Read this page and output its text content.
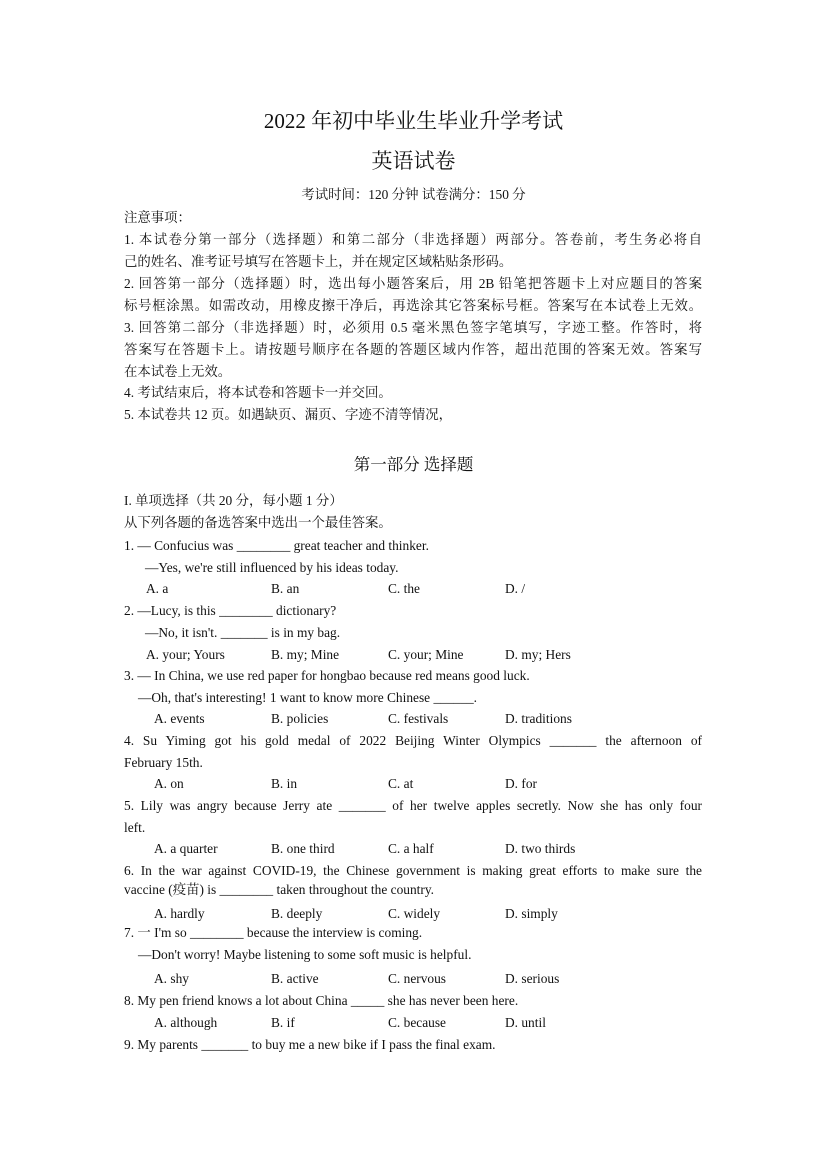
2022 年初中毕业生毕业升学考试
英语试卷
考试时间：120 分钟 试卷满分：150 分
注意事项：
1. 本试卷分第一部分（选择题）和第二部分（非选择题）两部分。答卷前，考生务必将自
己的姓名、准考证号填写在答题卡上，并在规定区域粘贴条形码。
2. 回答第一部分（选择题）时，选出每小题答案后，用 2B 铅笔把答题卡上对应题目的答案
标号框涂黑。如需改动，用橡皮擦干净后，再选涂其它答案标号框。答案写在本试卷上无效。
3. 回答第二部分（非选择题）时，必须用 0.5 毫米黑色签字笔填写，字迹工整。作答时，将
答案写在答题卡上。请按题号顺序在各题的答题区域内作答，超出范围的答案无效。答案写
在本试卷上无效。
4. 考试结束后，将本试卷和答题卡一并交回。
5. 本试卷共 12 页。如遇缺页、漏页、字迹不清等情况，
第一部分 选择题
I. 单项选择（共 20 分，每小题 1 分）
从下列各题的备选答案中选出一个最佳答案。
1. — Confucius was ________ great teacher and thinker.
—Yes, we're still influenced by his ideas today.
A. a	B. an	C. the	D. /
2. —Lucy, is this ________ dictionary?
—No, it isn't. _______ is in my bag.
A. your; Yours	B. my; Mine	C. your; Mine	D. my; Hers
3. — In China, we use red paper for hongbao because red means good luck.
—Oh, that's interesting! 1 want to know more Chinese ______.
A. events	B. policies	C. festivals	D. traditions
4. Su Yiming got his gold medal of 2022 Beijing Winter Olympics _______ the afternoon of
February 15th.
A. on	B. in	C. at	D. for
5. Lily was angry because Jerry ate _______ of her twelve apples secretly. Now she has only four
left.
A. a quarter	B. one third	C. a half	D. two thirds
6. In the war against COVID-19, the Chinese government is making great efforts to make sure the
vaccine (疫苗) is ________ taken throughout the country.
A. hardly	B. deeply	C. widely	D. simply
7. 一 I'm so ________ because the interview is coming.
—Don't worry! Maybe listening to some soft music is helpful.
A. shy	B. active	C. nervous	D. serious
8. My pen friend knows a lot about China _____ she has never been here.
A. although	B. if	C. because	D. until
9. My parents _______ to buy me a new bike if I pass the final exam.
